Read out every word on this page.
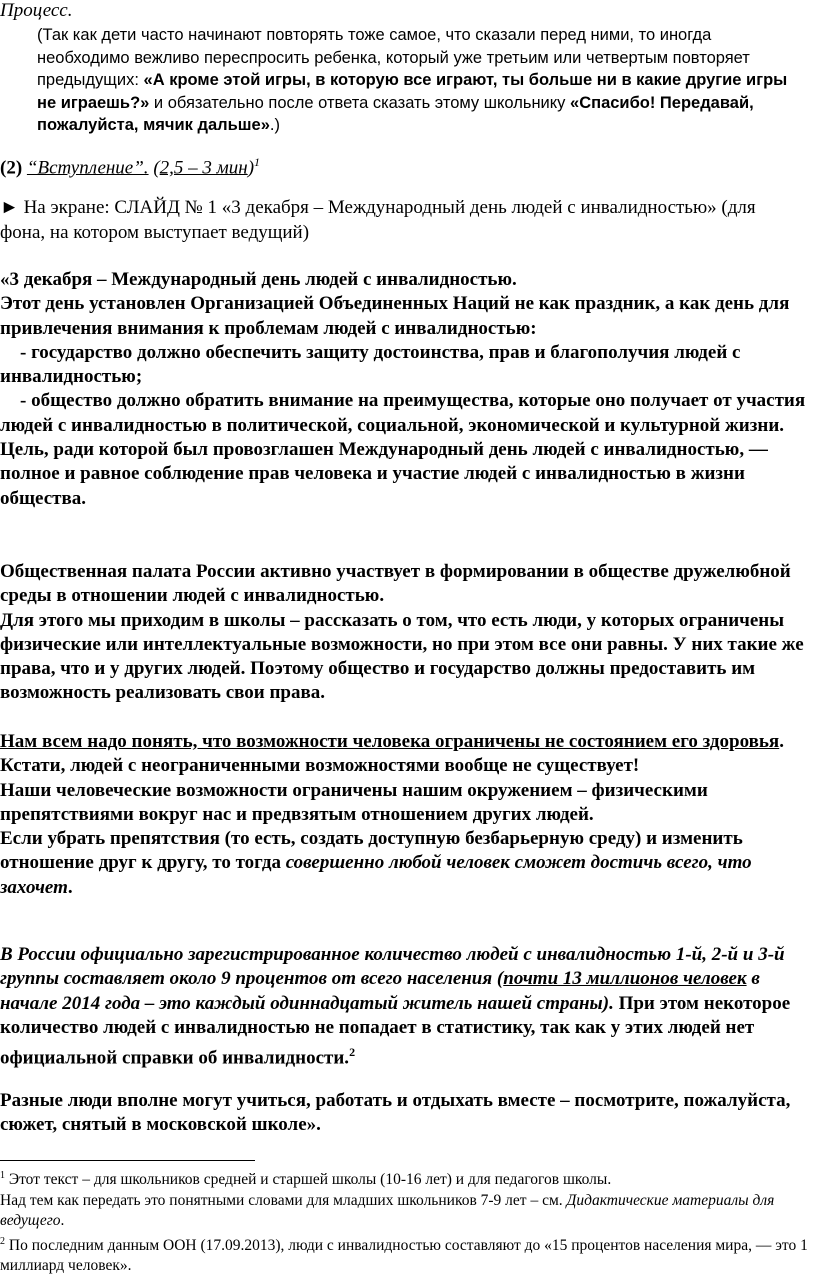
Процесс.
(Так как дети часто начинают повторять тоже самое, что сказали перед ними, то иногда необходимо вежливо переспросить ребенка, который уже третьим или четвертым повторяет предыдущих: «А кроме этой игры, в которую все играют, ты больше ни в какие другие игры не играешь?» и обязательно после ответа сказать этому школьнику «Спасибо! Передавай, пожалуйста, мячик дальше».)
(2) “Вступление”. (2,5 – 3 мин)$^1$
► На экране: СЛАЙД № 1 «3 декабря – Международный день людей с инвалидностью» (для фона, на котором выступает ведущий)

«3 декабря – Международный день людей с инвалидностью.

Этот день установлен Организацией Объединенных Наций не как праздник, а как день для привлечения внимания к проблемам людей с инвалидностью:

- государство должно обеспечить защиту достоинства, прав и благополучия людей с инвалидностью;

- общество должно обратить внимание на преимущества, которые оно получает от участия людей с инвалидностью в политической, социальной, экономической и культурной жизни.

Цель, ради которой был провозглашен Международный день людей с инвалидностью, — полное и равное соблюдение прав человека и участие людей с инвалидностью в жизни общества.

Общественная палата России активно участвует в формировании в обществе дружелюбной среды в отношении людей с инвалидностью.

Для этого мы приходим в школы – рассказать о том, что есть люди, у которых ограничены физические или интеллектуальные возможности, но при этом все они равны. У них такие же права, что и у других людей. Поэтому общество и государство должны предоставить им возможность реализовать свои права.

Нам всем надо понять, что возможности человека ограничены не состоянием его здоровья.

Кстати, людей с неограниченными возможностями вообще не существует!

Наши человеческие возможности ограничены нашим окружением – физическими препятствиями вокруг нас и предвзятым отношением других людей.

Если убрать препятствия (то есть, создать доступную безбарьерную среду) и изменить отношение друг к другу, то тогда совершенно любой человек сможет достичь всего, что захочет.

В России официально зарегистрированное количество людей с инвалидностью 1-й, 2-й и 3-й группы составляет около 9 процентов от всего населения (почти 13 миллионов человек в начале 2014 года – это каждый одиннадцатый житель нашей страны). При этом некоторое количество людей с инвалидностью не попадает в статистику, так как у этих людей нет официальной справки об инвалидности.$^2$

Разные люди вполне могут учиться, работать и отдыхать вместе – посмотрите, пожалуйста, сюжет, снятый в московской школе».

$^1$ Этот текст – для школьников средней и старшей школы (10-16 лет) и для педагогов школы.

Над тем как передать это понятными словами для младших школьников 7-9 лет – см. Дидактические материалы для ведущего.

$^2$ По последним данным ООН (17.09.2013), люди с инвалидностью составляют до «15 процентов населения мира, — это 1 миллиард человек».
